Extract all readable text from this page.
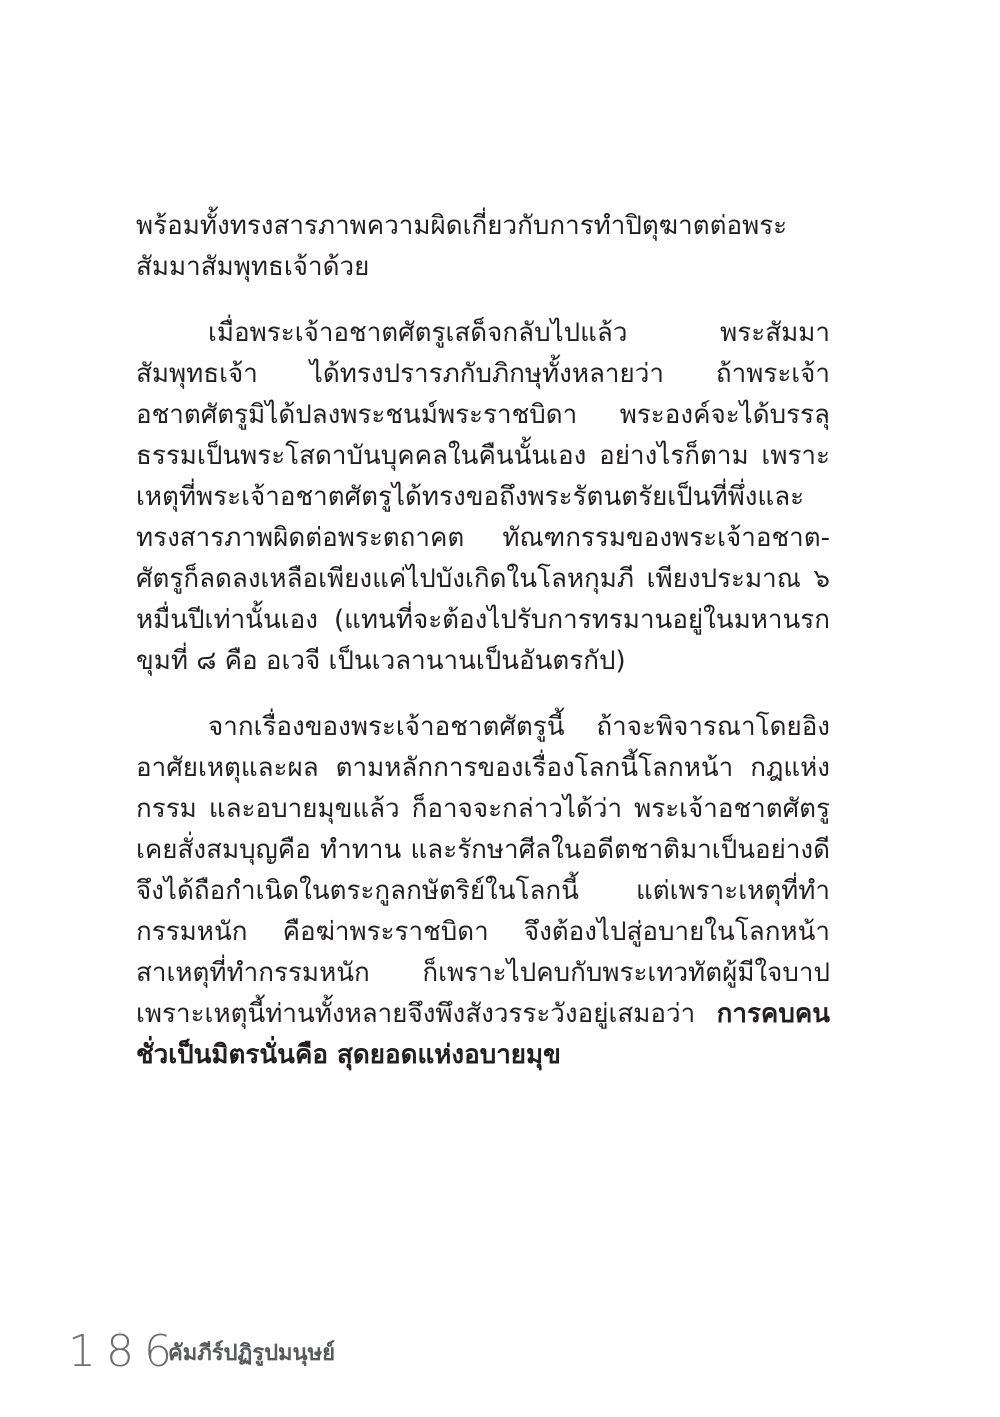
พร้อมทั้งทรงสารภาพความผิดเกี่ยวกับการทำปิตุฆาตต่อพระ
สัมมาสัมพุทธเจ้าด้วย
เมื่อพระเจ้าอชาตศัตรูเสด็จกลับไปแล้ว พระสัมมา
สัมพุทธเจ้า ได้ทรงปรารภกับภิกษุทั้งหลายว่า ถ้าพระเจ้า
อชาตศัตรูมิได้ปลงพระชนม์พระราชบิดา พระองค์จะได้บรรลุ
ธรรมเป็นพระโสดาบันบุคคลในคืนนั้นเอง อย่างไรก็ตาม เพราะ
เหตุที่พระเจ้าอชาตศัตรูได้ทรงขอถึงพระรัตนตรัยเป็นที่พึ่งและ
ทรงสารภาพผิดต่อพระตถาคต ทัณฑกรรมของพระเจ้าอชาต-
ศัตรูก็ลดลงเหลือเพียงแค่ไปบังเกิดในโลหกุมภี เพียงประมาณ ๖
หมื่นปีเท่านั้นเอง (แทนที่จะต้องไปรับการทรมานอยู่ในมหานรก
ขุมที่ ๘ คือ อเวจี เป็นเวลานานเป็นอันตรกัป)
จากเรื่องของพระเจ้าอชาตศัตรูนี้ ถ้าจะพิจารณาโดยอิง
อาศัยเหตุและผล ตามหลักการของเรื่องโลกนี้โลกหน้า กฎแห่ง
กรรม และอบายมุขแล้ว ก็อาจจะกล่าวได้ว่า พระเจ้าอชาตศัตรู
เคยสั่งสมบุญคือ ทำทาน และรักษาศีลในอดีตชาติมาเป็นอย่างดี
จึงได้ถือกำเนิดในตระกูลกษัตริย์ในโลกนี้ แต่เพราะเหตุที่ทำ
กรรมหนัก คือฆ่าพระราชบิดา จึงต้องไปสู่อบายในโลกหน้า
สาเหตุที่ทำกรรมหนัก ก็เพราะไปคบกับพระเทวทัตผู้มีใจบาป
เพราะเหตุนี้ท่านทั้งหลายจึงพึงสังวรระวังอยู่เสมอว่า การคบคน
ชั่วเป็นมิตรนั่นคือ สุดยอดแห่งอบายมุข
186
คัมภีร์ปฏิรูปมนุษย์
